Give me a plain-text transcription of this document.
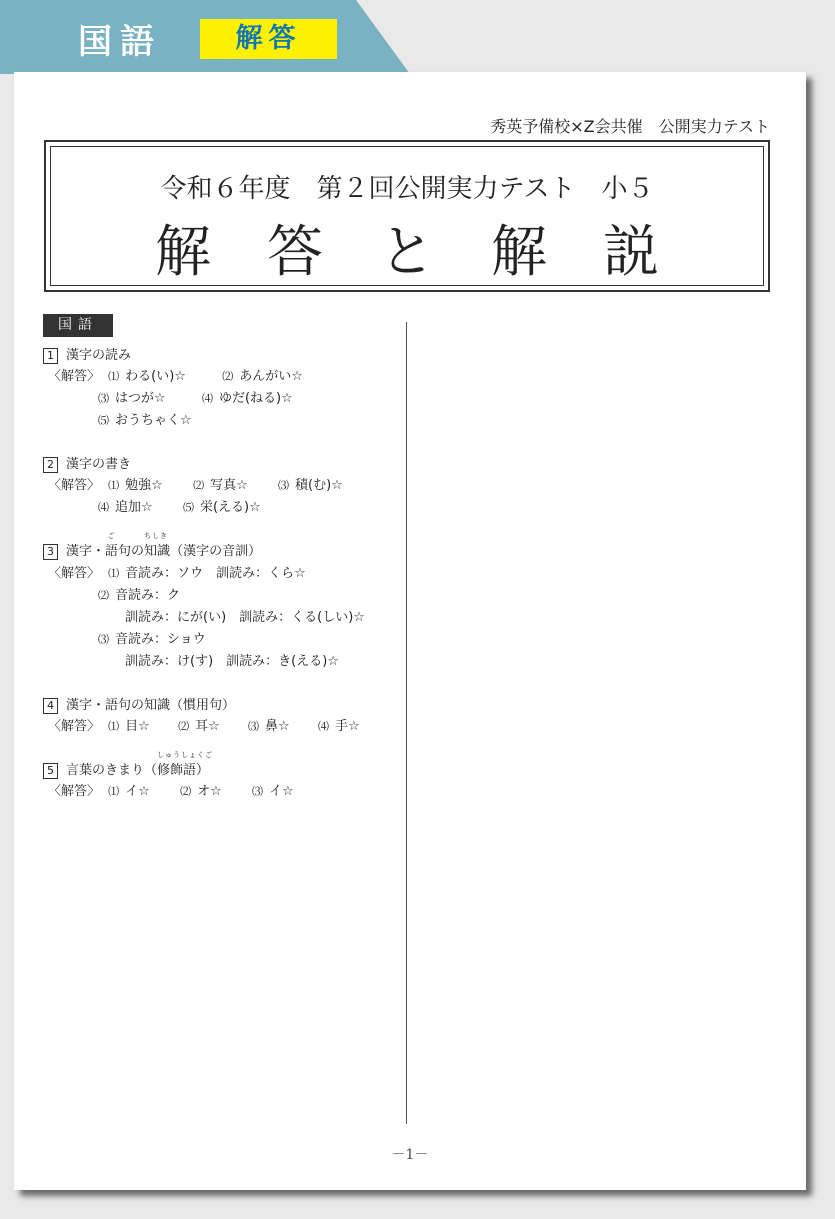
国語	解答
秀英予備校×Z会共催　公開実力テスト
令和６年度　第２回公開実力テスト　小５
解答と解説
国語
1 漢字の読み
〈解答〉 ⑴ わる(い)☆	⑵ あんがい☆
⑶ はつが☆	⑷ ゆだ(ねる)☆
⑸ おうちゃく☆
2 漢字の書き
〈解答〉 ⑴ 勉強☆	⑵ 写真☆	⑶ 積(む)☆
⑷ 追加☆	⑸ 栄(える)☆
3 漢字・語
ご
句の知
ちしき
識（漢字の音訓）
〈解答〉 ⑴ 音読み：ソウ　訓読み：くら☆
⑵ 音読み：ク
訓読み：にが(い)　訓読み：くる(しい)☆
⑶ 音読み：ショウ
訓読み：け(す)　訓読み：き(える)☆
4 漢字・語句の知識（慣用句）
〈解答〉 ⑴ 目☆	⑵ 耳☆	⑶ 鼻☆	⑷ 手☆
5 言葉のきまり（修飾語
しゅうしょくご
）
〈解答〉 ⑴ イ☆	⑵ オ☆	⑶ イ☆
－1－
